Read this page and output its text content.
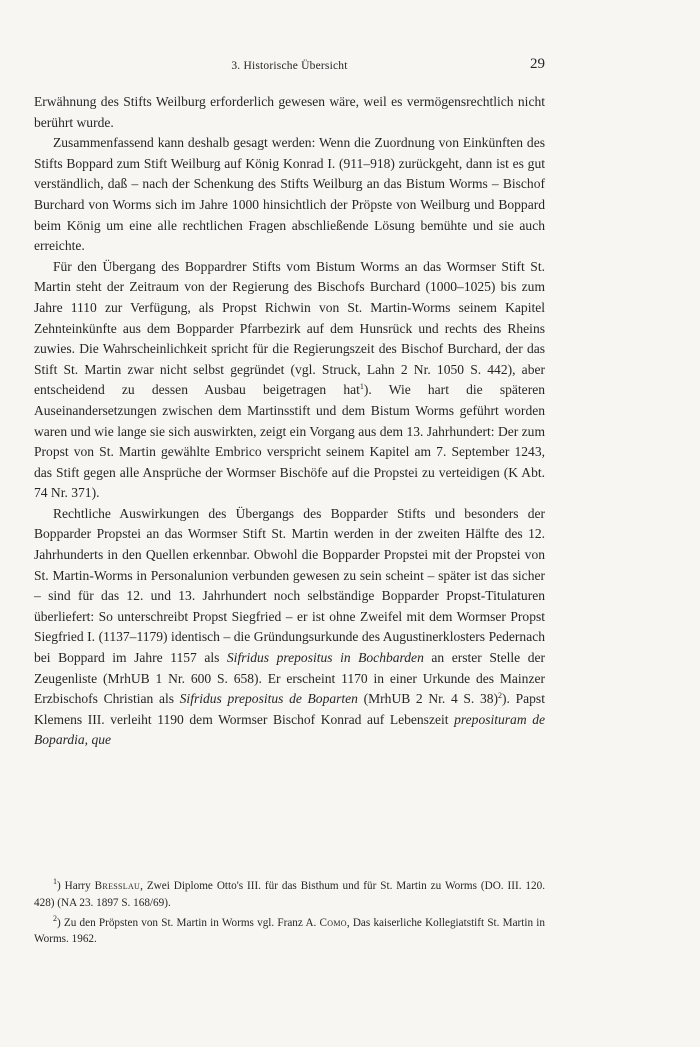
3. Historische Übersicht	29

Erwähnung des Stifts Weilburg erforderlich gewesen wäre, weil es vermögensrechtlich nicht berührt wurde.

Zusammenfassend kann deshalb gesagt werden: Wenn die Zuordnung von Einkünften des Stifts Boppard zum Stift Weilburg auf König Konrad I. (911–918) zurückgeht, dann ist es gut verständlich, daß – nach der Schenkung des Stifts Weilburg an das Bistum Worms – Bischof Burchard von Worms sich im Jahre 1000 hinsichtlich der Pröpste von Weilburg und Boppard beim König um eine alle rechtlichen Fragen abschließende Lösung bemühte und sie auch erreichte.

Für den Übergang des Boppardrer Stifts vom Bistum Worms an das Wormser Stift St. Martin steht der Zeitraum von der Regierung des Bischofs Burchard (1000–1025) bis zum Jahre 1110 zur Verfügung, als Propst Richwin von St. Martin-Worms seinem Kapitel Zehnteinkünfte aus dem Bopparder Pfarrbezirk auf dem Hunsrück und rechts des Rheins zuwies. Die Wahrscheinlichkeit spricht für die Regierungszeit des Bischof Burchard, der das Stift St. Martin zwar nicht selbst gegründet (vgl. Struck, Lahn 2 Nr. 1050 S. 442), aber entscheidend zu dessen Ausbau beigetragen hat$^1$). Wie hart die späteren Auseinandersetzungen zwischen dem Martinsstift und dem Bistum Worms geführt worden waren und wie lange sie sich auswirkten, zeigt ein Vorgang aus dem 13. Jahrhundert: Der zum Propst von St. Martin gewählte Embrico verspricht seinem Kapitel am 7. September 1243, das Stift gegen alle Ansprüche der Wormser Bischöfe auf die Propstei zu verteidigen (K Abt. 74 Nr. 371).

Rechtliche Auswirkungen des Übergangs des Bopparder Stifts und besonders der Bopparder Propstei an das Wormser Stift St. Martin werden in der zweiten Hälfte des 12. Jahrhunderts in den Quellen erkennbar. Obwohl die Bopparder Propstei mit der Propstei von St. Martin-Worms in Personalunion verbunden gewesen zu sein scheint – später ist das sicher – sind für das 12. und 13. Jahrhundert noch selbständige Bopparder Propst-Titulaturen überliefert: So unterschreibt Propst Siegfried – er ist ohne Zweifel mit dem Wormser Propst Siegfried I. (1137–1179) identisch – die Gründungsurkunde des Augustinerklosters Pedernach bei Boppard im Jahre 1157 als Sifridus prepositus in Bochbarden an erster Stelle der Zeugenliste (MrhUB 1 Nr. 600 S. 658). Er erscheint 1170 in einer Urkunde des Mainzer Erzbischofs Christian als Sifridus prepositus de Boparten (MrhUB 2 Nr. 4 S. 38)$^2$). Papst Klemens III. verleiht 1190 dem Wormser Bischof Konrad auf Lebenszeit preposituram de Bopardia, que

$^1$) Harry Bresslau, Zwei Diplome Otto's III. für das Bisthum und für St. Martin zu Worms (DO. III. 120. 428) (NA 23. 1897 S. 168/69).

$^2$) Zu den Pröpsten von St. Martin in Worms vgl. Franz A. Como, Das kaiserliche Kollegiatstift St. Martin in Worms. 1962.
